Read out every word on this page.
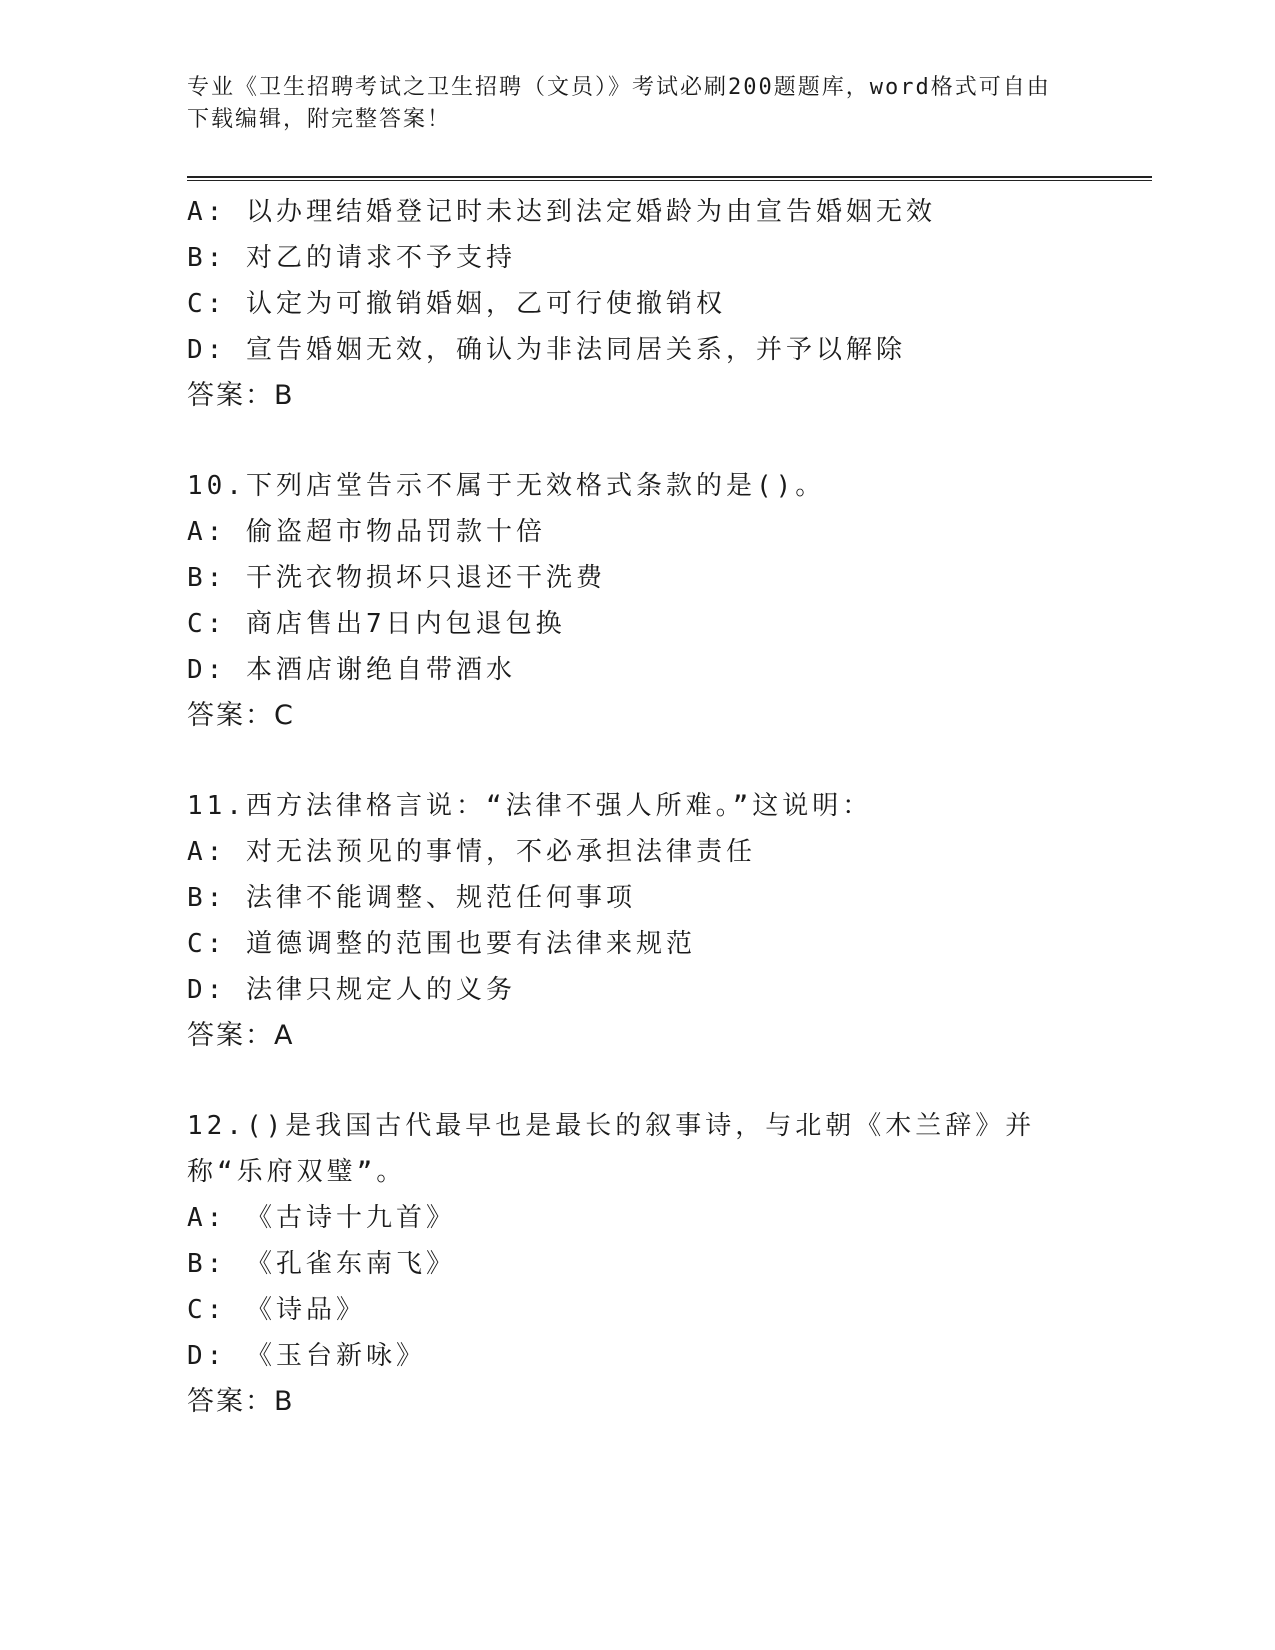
专业《卫生招聘考试之卫生招聘（文员）》考试必刷200题题库，word格式可自由下载编辑，附完整答案！
A: 以办理结婚登记时未达到法定婚龄为由宣告婚姻无效
B: 对乙的请求不予支持
C: 认定为可撤销婚姻，乙可行使撤销权
D: 宣告婚姻无效，确认为非法同居关系，并予以解除
答案：B
10.下列店堂告示不属于无效格式条款的是()。
A: 偷盗超市物品罚款十倍
B: 干洗衣物损坏只退还干洗费
C: 商店售出7日内包退包换
D: 本酒店谢绝自带酒水
答案：C
11.西方法律格言说：“法律不强人所难。”这说明：
A: 对无法预见的事情，不必承担法律责任
B: 法律不能调整、规范任何事项
C: 道德调整的范围也要有法律来规范
D: 法律只规定人的义务
答案：A
12.()是我国古代最早也是最长的叙事诗，与北朝《木兰辞》并称“乐府双璧”。
A: 《古诗十九首》
B: 《孔雀东南飞》
C: 《诗品》
D: 《玉台新咏》
答案：B
